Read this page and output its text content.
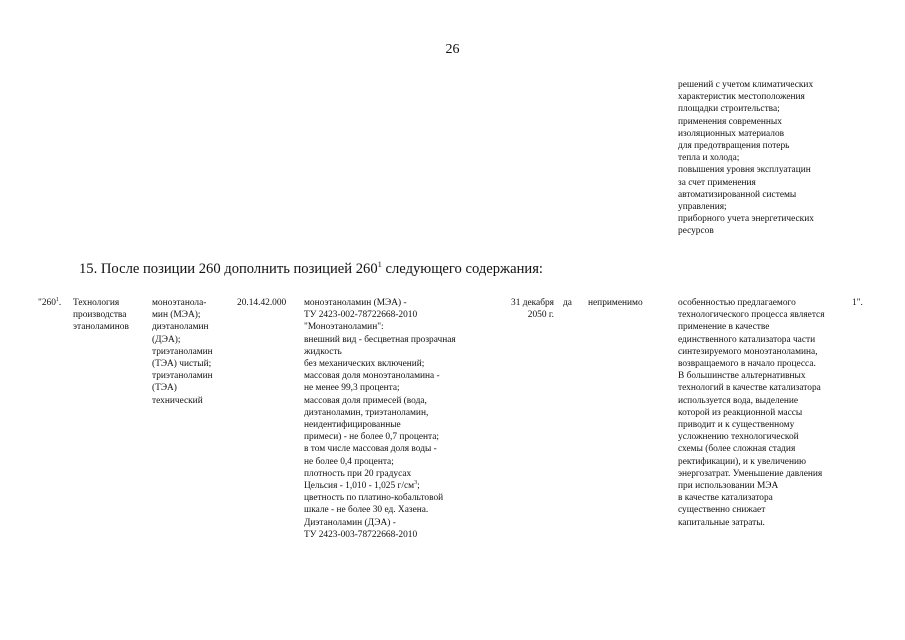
26
решений с учетом климатических
характеристик местоположения
площадки строительства;
применения современных
изоляционных материалов
для предотвращения потерь
тепла и холода;
повышения уровня эксплуатацин
за счет применения
автоматизированной системы
управления;
приборного учета энергетических
ресурсов
15. После позиции 260 дополнить позицией $260^1$ следующего содержания:
"$260^1$. Технология
производства
этаноламинов
моноэтанола-
мин (МЭА);
диэтаноламин
(ДЭА);
триэтаноламин
(ТЭА) чистый;
триэтаноламин
(ТЭА)
технический
20.14.42.000 моноэтаноламин (МЭА) -
ТУ 2423-002-78722668-2010
"Моноэтаноламин":
внешний вид - бесцветная прозрачная
жидкость
без механических включений;
массовая доля моноэтаноламина -
не менее 99,3 процента;
массовая доля примесей (вода,
диэтаноламин, триэтаноламин,
неидентифицированные
примеси) - не более 0,7 процента;
в том числе массовая доля воды -
не более 0,4 процента;
плотность при 20 градусах
Цельсия - 1,010 - 1,025 $г/см^3$;
цветность по платино-кобальтовой
шкале - не более 30 ед. Хазена.
Диэтаноламин (ДЭА) -
ТУ 2423-003-78722668-2010
31 декабря
2050 г.
да неприменимо	особенностью предлагаемого
технологического процесса является
применение в качестве
единственного катализатора части
синтезируемого моноэтаноламина,
возвращаемого в начало процесса.
В большинстве альтернативных
технологий в качестве катализатора
используется вода, выделение
которой из реакционной массы
приводит и к существенному
усложнению технологической
схемы (более сложная стадия
ректификации), и к увеличению
энергозатрат. Уменьшение давления
при использовании МЭА
в качестве катализатора
существенно снижает
капитальные затраты.
1".
